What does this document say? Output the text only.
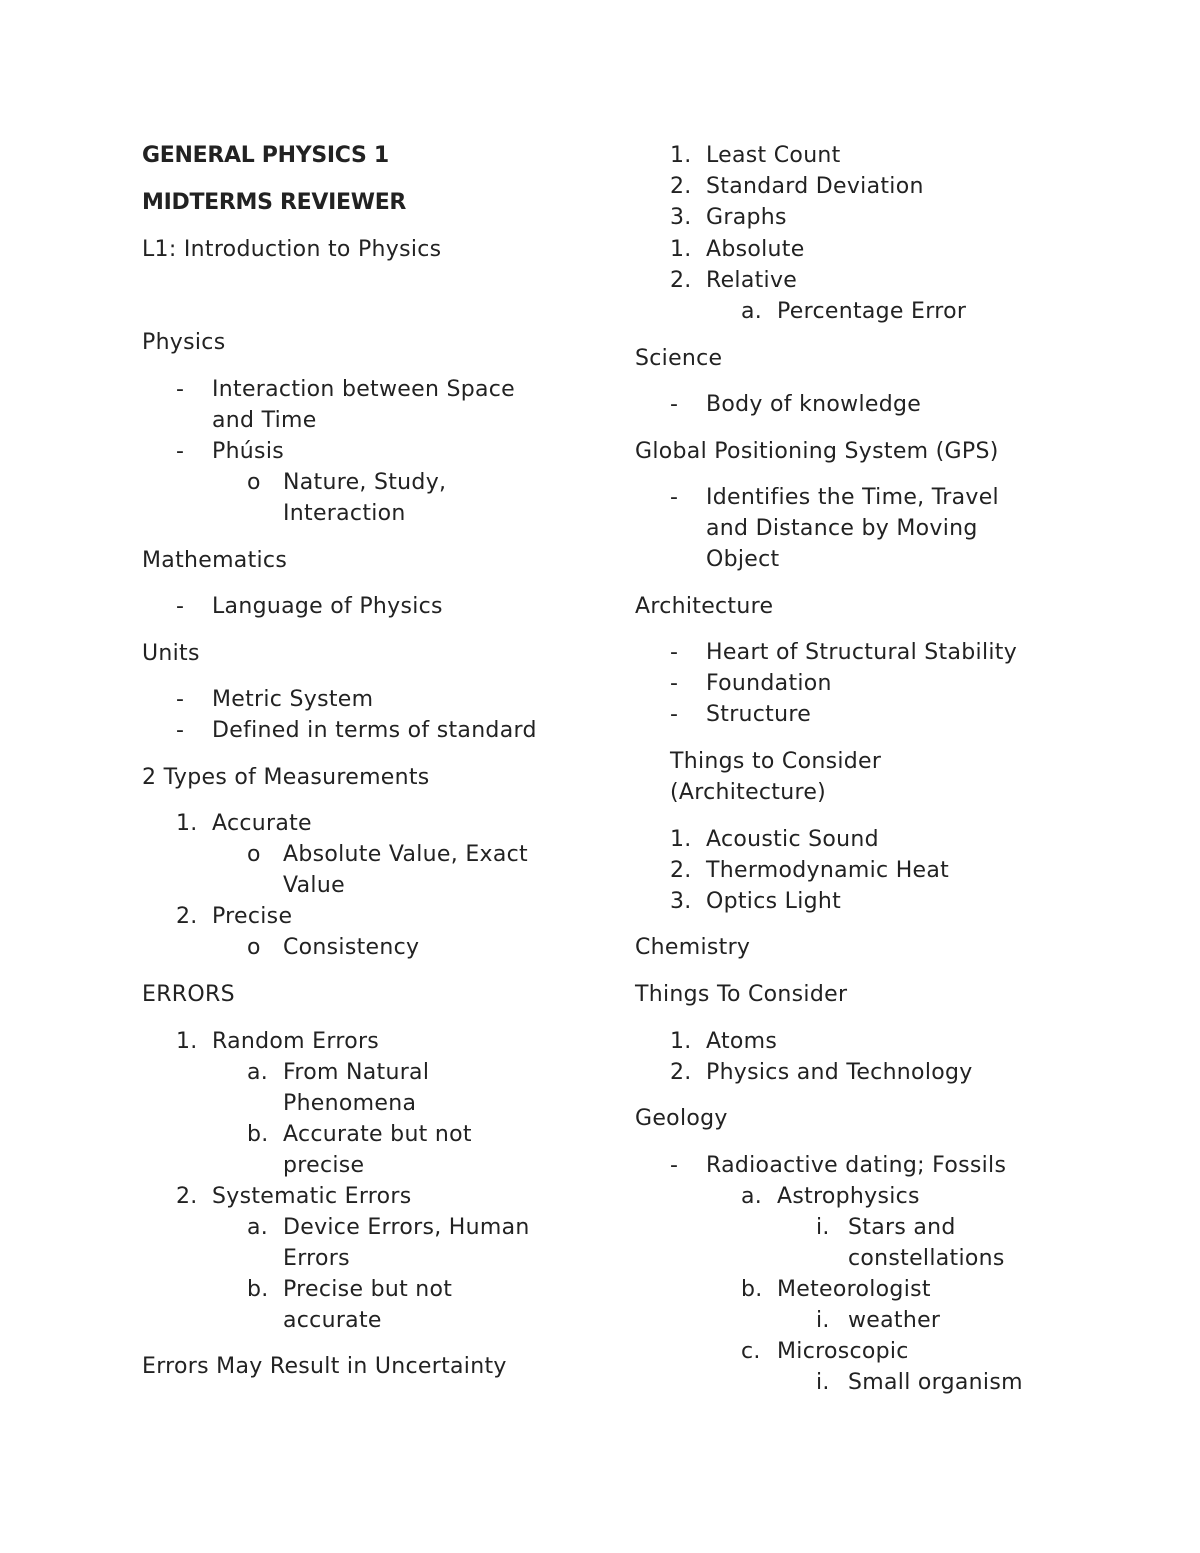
GENERAL PHYSICS 1
MIDTERMS REVIEWER
L1: Introduction to Physics
Physics
- Interaction between Space
and Time
- Phúsis
o Nature, Study,
Interaction
Mathematics
- Language of Physics
Units
- Metric System
- Defined in terms of standard
2 Types of Measurements
1. Accurate
o Absolute Value, Exact
Value
2. Precise
o Consistency
ERRORS
1. Random Errors
a. From Natural
Phenomena
b. Accurate but not
precise
2. Systematic Errors
a. Device Errors, Human
Errors
b. Precise but not
accurate
Errors May Result in Uncertainty
1. Least Count
2. Standard Deviation
3. Graphs
1. Absolute
2. Relative
a. Percentage Error
Science
- Body of knowledge
Global Positioning System (GPS)
- Identifies the Time, Travel
and Distance by Moving
Object
Architecture
- Heart of Structural Stability
- Foundation
- Structure
Things to Consider
(Architecture)
1. Acoustic Sound
2. Thermodynamic Heat
3. Optics Light
Chemistry
Things To Consider
1. Atoms
2. Physics and Technology
Geology
- Radioactive dating; Fossils
a. Astrophysics
i. Stars and
constellations
b. Meteorologist
i. weather
c. Microscopic
i. Small organism
